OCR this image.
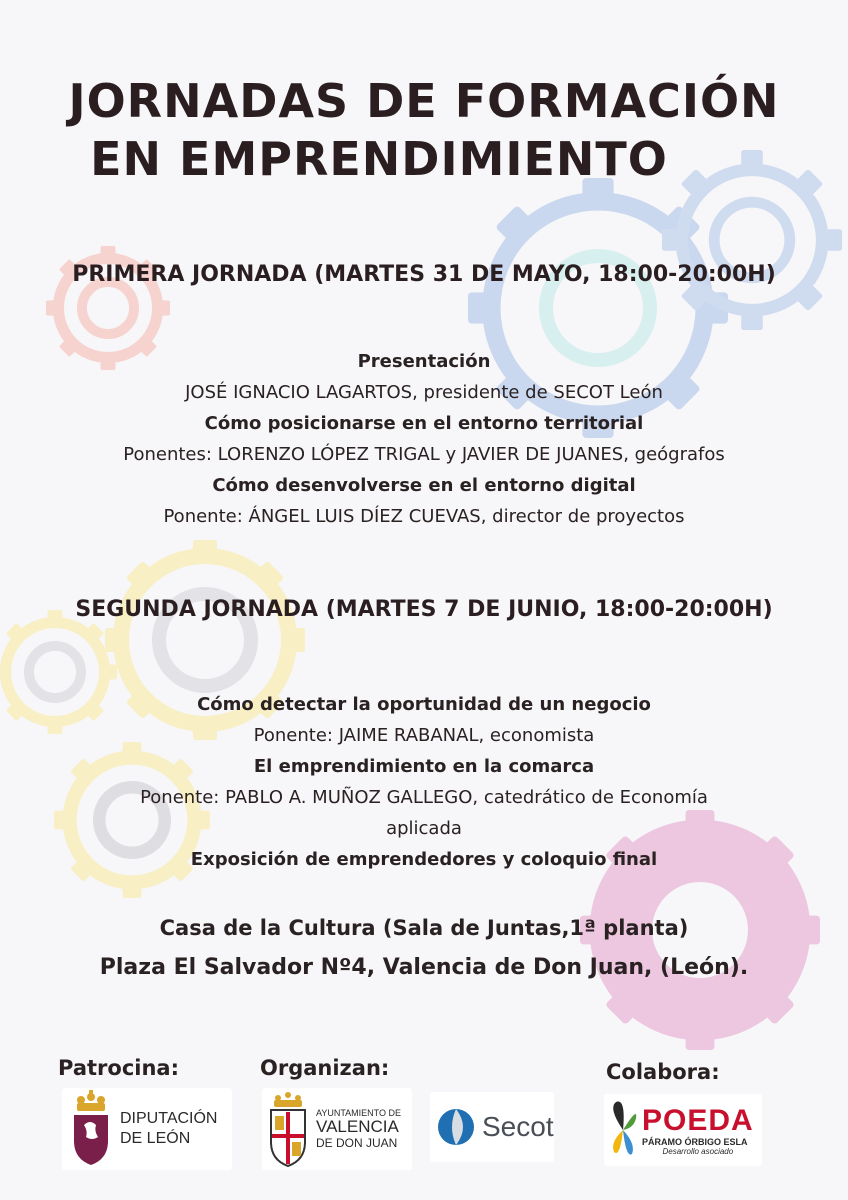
JORNADAS DE FORMACIÓN
EN EMPRENDIMIENTO
PRIMERA JORNADA (MARTES 31 DE MAYO, 18:00-20:00H)
Presentación
JOSÉ IGNACIO LAGARTOS, presidente de SECOT León
Cómo posicionarse en el entorno territorial
Ponentes: LORENZO LÓPEZ TRIGAL y JAVIER DE JUANES, geógrafos
Cómo desenvolverse en el entorno digital
Ponente: ÁNGEL LUIS DÍEZ CUEVAS, director de proyectos
SEGUNDA JORNADA (MARTES 7 DE JUNIO, 18:00-20:00H)
Cómo detectar la oportunidad de un negocio
Ponente: JAIME RABANAL, economista
El emprendimiento en la comarca
Ponente: PABLO A. MUÑOZ GALLEGO, catedrático de Economía
aplicada
Exposición de emprendedores y coloquio final
Casa de la Cultura (Sala de Juntas,1ª planta)
Plaza El Salvador Nº4, Valencia de Don Juan, (León).
Patrocina:	Organizan:	Colabora:
DIPUTACIÓN
DE LEÓN
AYUNTAMIENTO DE
VALENCIA
DE DON JUAN
Secot	POEDA
PÁRAMO ÓRBIGO ESLA
Desarrollo asociado
